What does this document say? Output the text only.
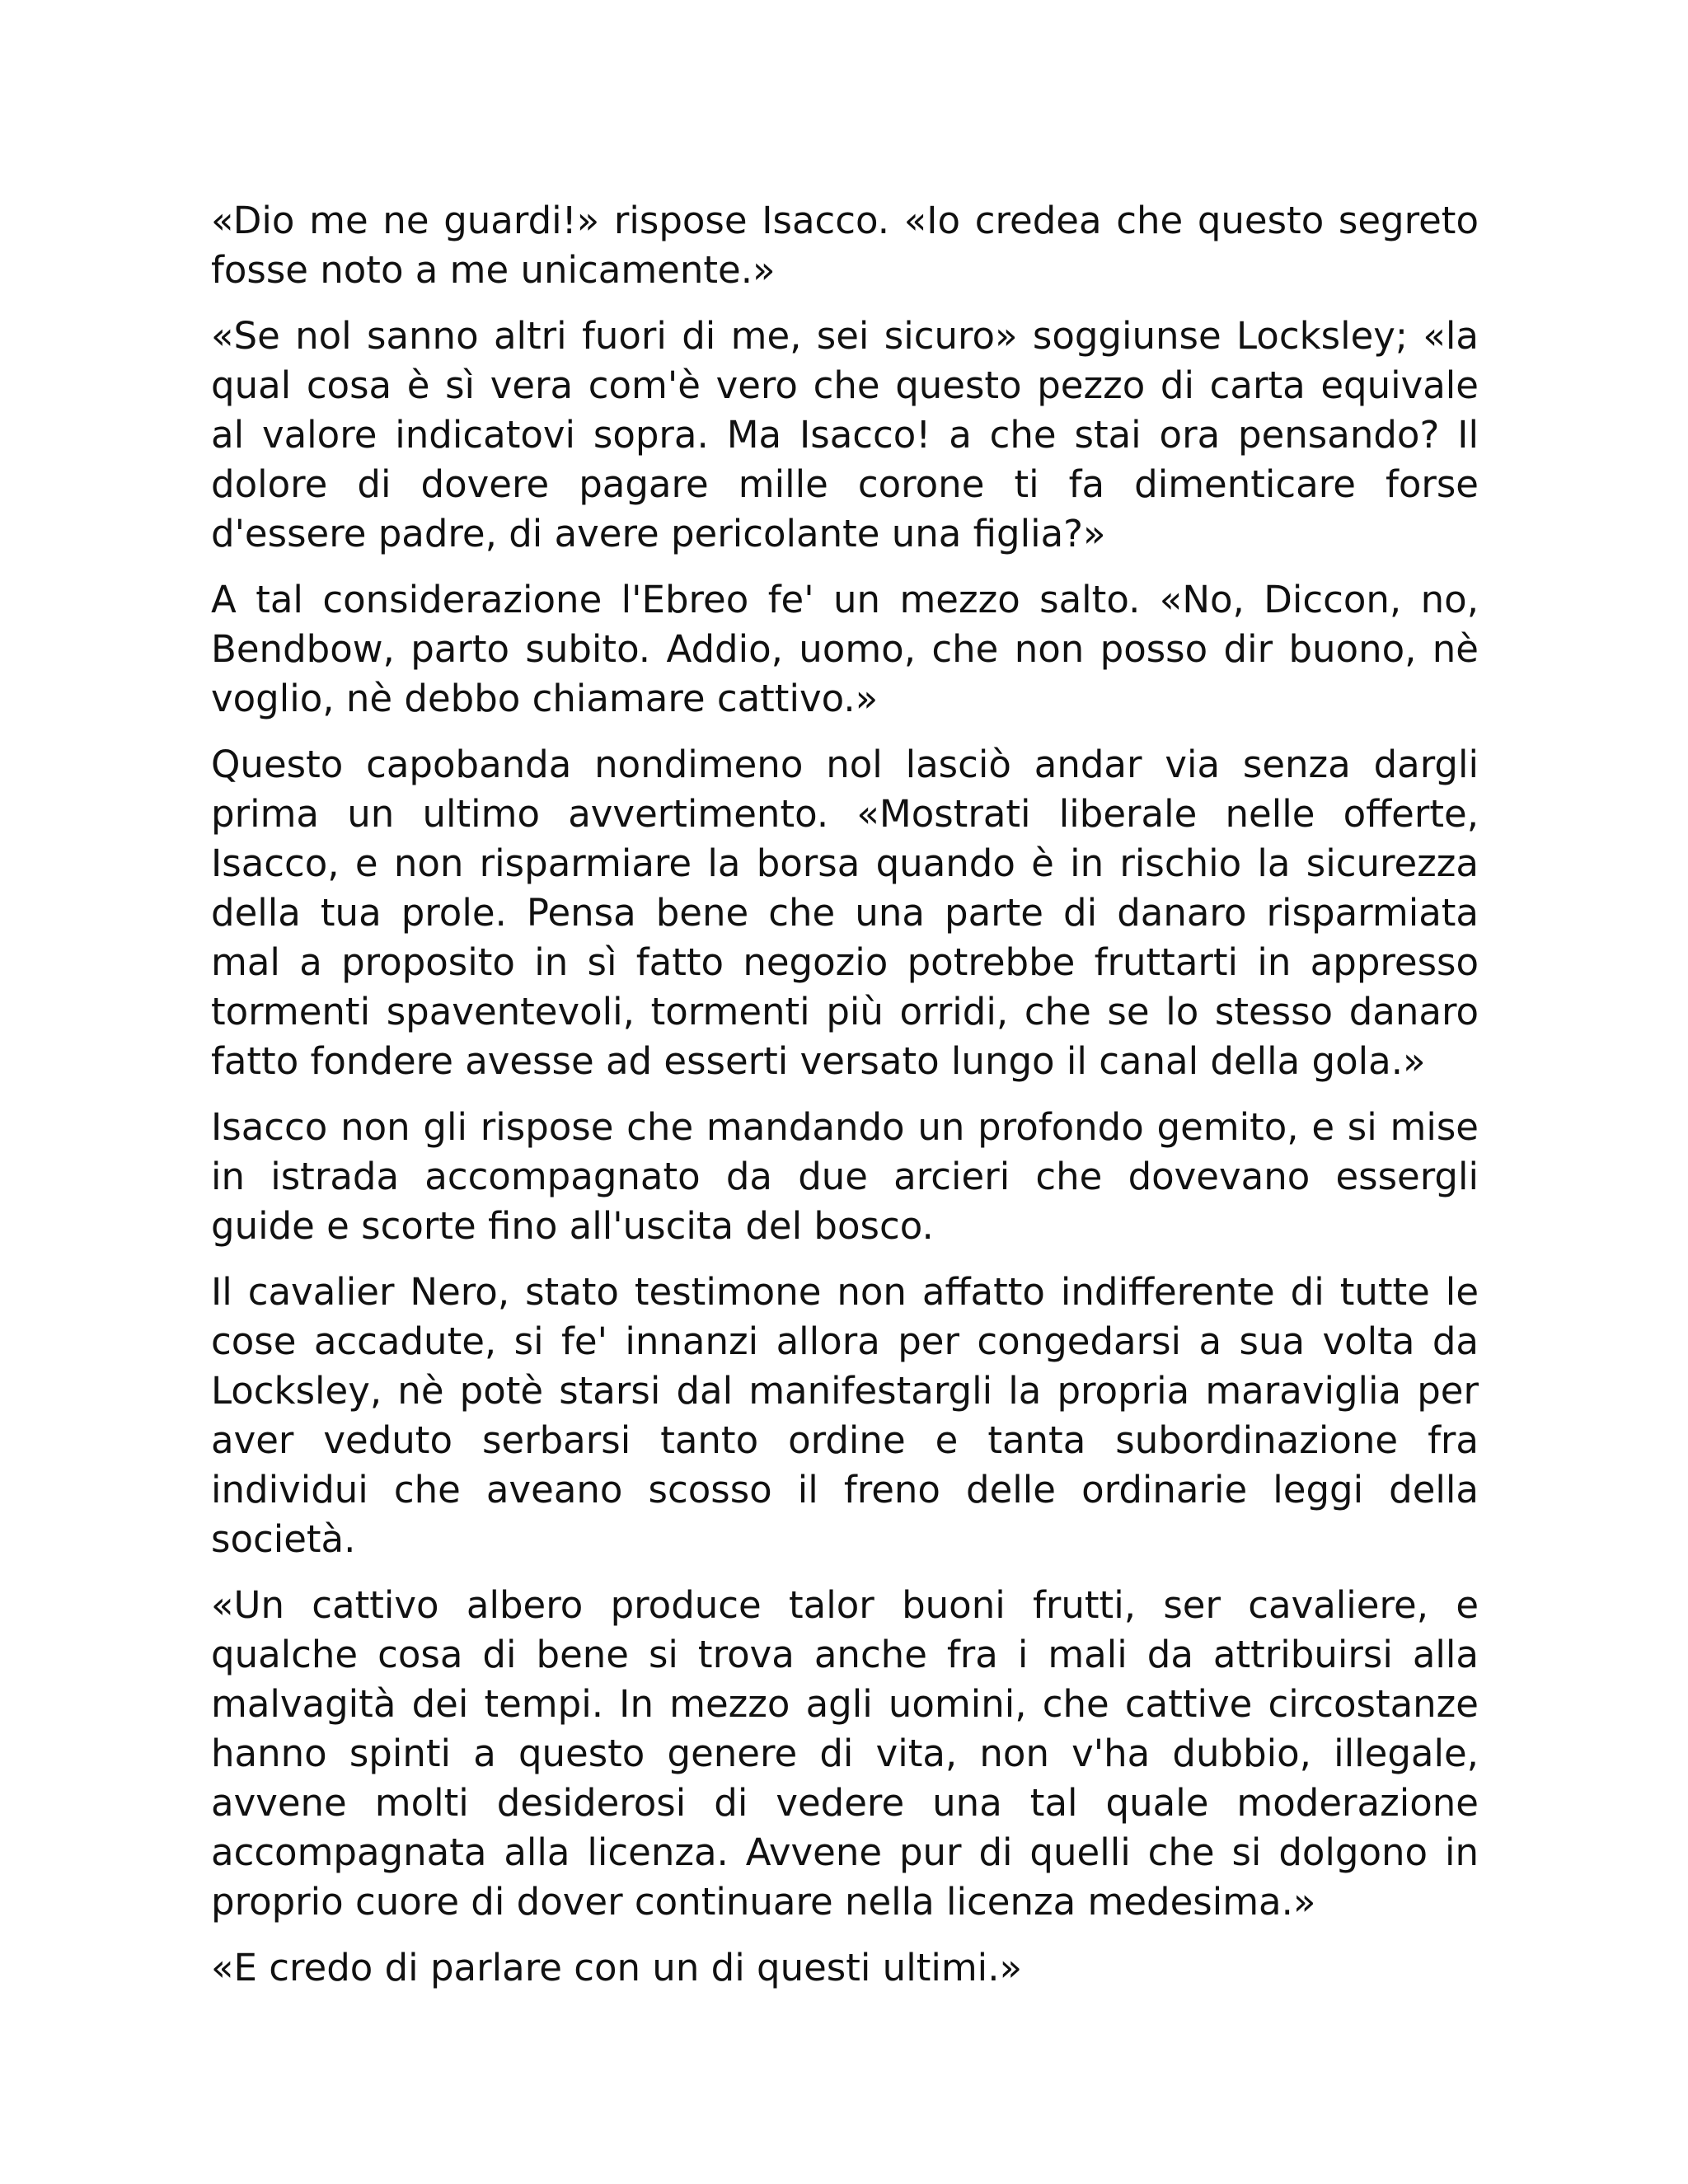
«Dio me ne guardi!» rispose Isacco. «Io credea che questo segreto fosse noto a me unicamente.»

«Se nol sanno altri fuori di me, sei sicuro» soggiunse Locksley; «la qual cosa è sì vera com'è vero che questo pezzo di carta equivale al valore indicatovi sopra. Ma Isacco! a che stai ora pensando? Il dolore di dovere pagare mille corone ti fa dimenticare forse d'essere padre, di avere pericolante una figlia?»

A tal considerazione l'Ebreo fe' un mezzo salto. «No, Diccon, no, Bendbow, parto subito. Addio, uomo, che non posso dir buono, nè voglio, nè debbo chiamare cattivo.»

Questo capobanda nondimeno nol lasciò andar via senza dargli prima un ultimo avvertimento. «Mostrati liberale nelle offerte, Isacco, e non risparmiare la borsa quando è in rischio la sicurezza della tua prole. Pensa bene che una parte di danaro risparmiata mal a proposito in sì fatto negozio potrebbe fruttarti in appresso tormenti spaventevoli, tormenti più orridi, che se lo stesso danaro fatto fondere avesse ad esserti versato lungo il canal della gola.»

Isacco non gli rispose che mandando un profondo gemito, e si mise in istrada accompagnato da due arcieri che dovevano essergli guide e scorte fino all'uscita del bosco.

Il cavalier Nero, stato testimone non affatto indifferente di tutte le cose accadute, si fe' innanzi allora per congedarsi a sua volta da Locksley, nè potè starsi dal manifestargli la propria maraviglia per aver veduto serbarsi tanto ordine e tanta subordinazione fra individui che aveano scosso il freno delle ordinarie leggi della società.

«Un cattivo albero produce talor buoni frutti, ser cavaliere, e qualche cosa di bene si trova anche fra i mali da attribuirsi alla malvagità dei tempi. In mezzo agli uomini, che cattive circostanze hanno spinti a questo genere di vita, non v'ha dubbio, illegale, avvene molti desiderosi di vedere una tal quale moderazione accompagnata alla licenza. Avvene pur di quelli che si dolgono in proprio cuore di dover continuare nella licenza medesima.»

«E credo di parlare con un di questi ultimi.»
